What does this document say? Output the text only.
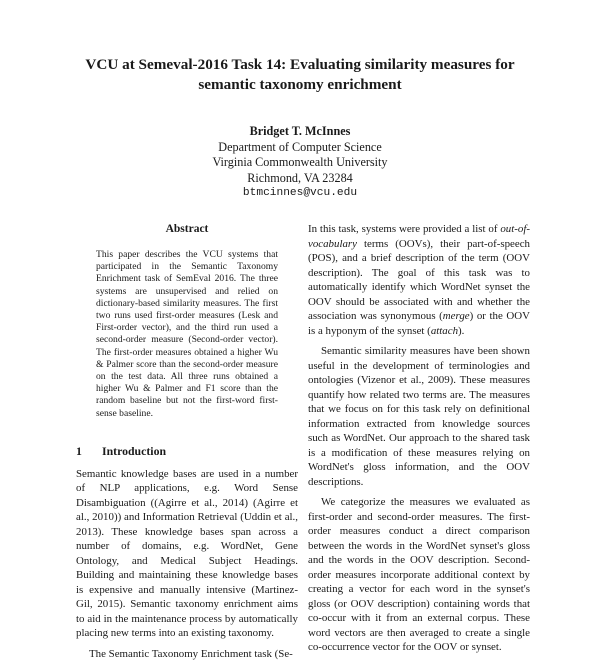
VCU at Semeval-2016 Task 14: Evaluating similarity measures for semantic taxonomy enrichment
Bridget T. McInnes
Department of Computer Science
Virginia Commonwealth University
Richmond, VA 23284
btmcinnes@vcu.edu
Abstract

This paper describes the VCU systems that participated in the Semantic Taxonomy Enrichment task of SemEval 2016. The three systems are unsupervised and relied on dictionary-based similarity measures. The first two runs used first-order measures (Lesk and First-order vector), and the third run used a second-order measure (Second-order vector). The first-order measures obtained a higher Wu & Palmer score than the second-order measure on the test data. All three runs obtained a higher Wu & Palmer and F1 score than the random baseline but not the first-word first-sense baseline.

1 Introduction

Semantic knowledge bases are used in a number of NLP applications, e.g. Word Sense Disambiguation ((Agirre et al., 2014) (Agirre et al., 2010)) and Information Retrieval (Uddin et al., 2013). These knowledge bases span across a number of domains, e.g. WordNet, Gene Ontology, and Medical Subject Headings. Building and maintaining these knowledge bases is expensive and manually intensive (Martinez-Gil, 2015). Semantic taxonomy enrichment aims to aid in the maintenance process by automatically placing new terms into an existing taxonomy.

The Semantic Taxonomy Enrichment task (Se-

In this task, systems were provided a list of out-of-vocabulary terms (OOVs), their part-of-speech (POS), and a brief description of the term (OOV description). The goal of this task was to automatically identify which WordNet synset the OOV should be associated with and whether the association was synonymous (merge) or the OOV is a hyponym of the synset (attach).

Semantic similarity measures have been shown useful in the development of terminologies and ontologies (Vizenor et al., 2009). These measures quantify how related two terms are. The measures that we focus on for this task rely on definitional information extracted from knowledge sources such as WordNet. Our approach to the shared task is a modification of these measures relying on WordNet's gloss information, and the OOV descriptions.

We categorize the measures we evaluated as first-order and second-order measures. The first-order measures conduct a direct comparison between the words in the WordNet synset's gloss and the words in the OOV description. Second-order measures incorporate additional context by creating a vector for each word in the synset's gloss (or OOV description) containing words that co-occur with it from an external corpus. These word vectors are then averaged to create a single co-occurrence vector for the OOV or synset.
